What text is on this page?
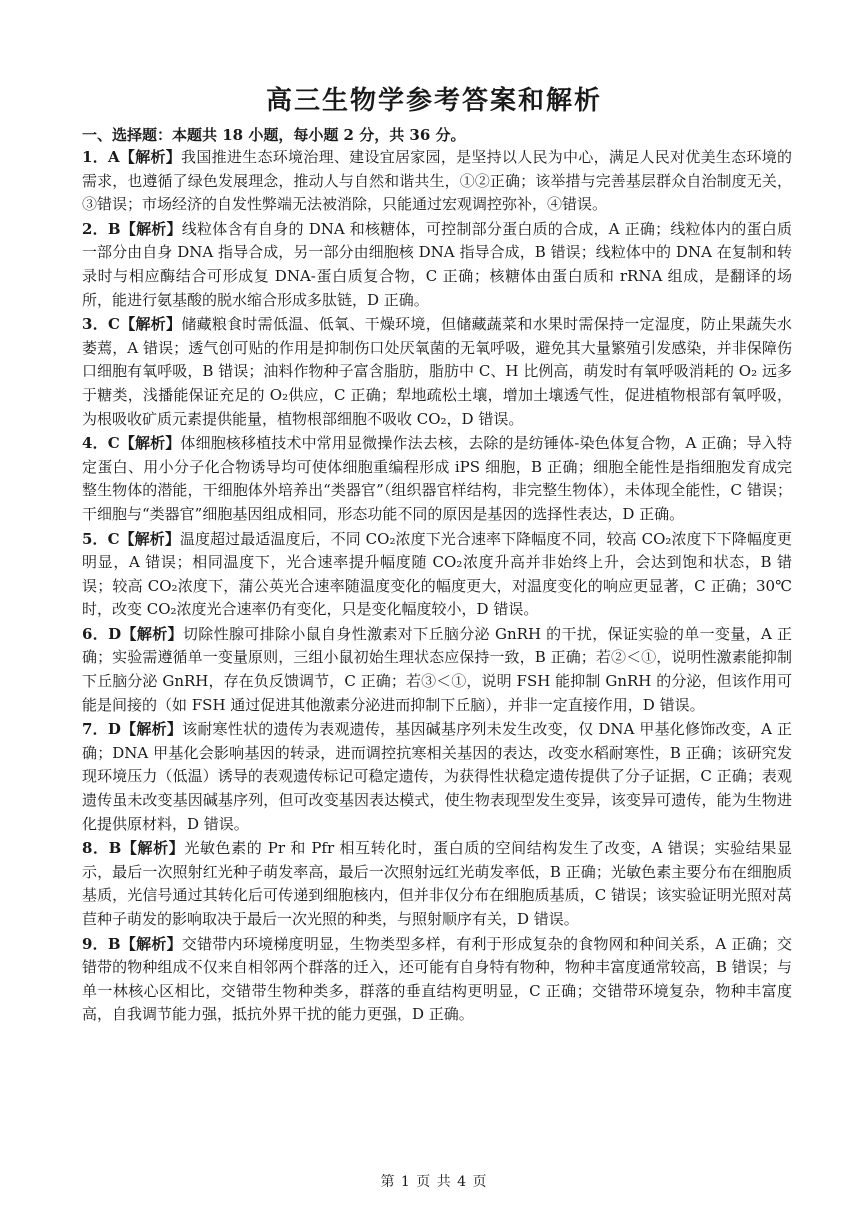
高三生物学参考答案和解析
一、选择题：本题共 18 小题，每小题 2 分，共 36 分。

1．A【解析】我国推进生态环境治理、建设宜居家园，是坚持以人民为中心，满足人民对优美生态环境的需求，也遵循了绿色发展理念，推动人与自然和谐共生，①②正确；该举措与完善基层群众自治制度无关，③错误；市场经济的自发性弊端无法被消除，只能通过宏观调控弥补，④错误。

2．B【解析】线粒体含有自身的 DNA 和核糖体，可控制部分蛋白质的合成，A 正确；线粒体内的蛋白质一部分由自身 DNA 指导合成，另一部分由细胞核 DNA 指导合成，B 错误；线粒体中的 DNA 在复制和转录时与相应酶结合可形成复 DNA-蛋白质复合物，C 正确；核糖体由蛋白质和 rRNA 组成，是翻译的场所，能进行氨基酸的脱水缩合形成多肽链，D 正确。

3．C【解析】储藏粮食时需低温、低氧、干燥环境，但储藏蔬菜和水果时需保持一定湿度，防止果蔬失水萎蔫，A 错误；透气创可贴的作用是抑制伤口处厌氧菌的无氧呼吸，避免其大量繁殖引发感染，并非保障伤口细胞有氧呼吸，B 错误；油料作物种子富含脂肪，脂肪中 C、H 比例高，萌发时有氧呼吸消耗的 O₂ 远多于糖类，浅播能保证充足的 O₂供应，C 正确；犁地疏松土壤，增加土壤透气性，促进植物根部有氧呼吸，为根吸收矿质元素提供能量，植物根部细胞不吸收 CO₂，D 错误。

4．C【解析】体细胞核移植技术中常用显微操作法去核，去除的是纺锤体-染色体复合物，A 正确；导入特定蛋白、用小分子化合物诱导均可使体细胞重编程形成 iPS 细胞，B 正确；细胞全能性是指细胞发育成完整生物体的潜能，干细胞体外培养出“类器官”（组织器官样结构，非完整生物体），未体现全能性，C 错误；干细胞与“类器官”细胞基因组成相同，形态功能不同的原因是基因的选择性表达，D 正确。

5．C【解析】温度超过最适温度后，不同 CO₂浓度下光合速率下降幅度不同，较高 CO₂浓度下下降幅度更明显，A 错误；相同温度下，光合速率提升幅度随 CO₂浓度升高并非始终上升，会达到饱和状态，B 错误；较高 CO₂浓度下，蒲公英光合速率随温度变化的幅度更大，对温度变化的响应更显著，C 正确；30℃时，改变 CO₂浓度光合速率仍有变化，只是变化幅度较小，D 错误。

6．D【解析】切除性腺可排除小鼠自身性激素对下丘脑分泌 GnRH 的干扰，保证实验的单一变量，A 正确；实验需遵循单一变量原则，三组小鼠初始生理状态应保持一致，B 正确；若②＜①，说明性激素能抑制下丘脑分泌 GnRH，存在负反馈调节，C 正确；若③＜①，说明 FSH 能抑制 GnRH 的分泌，但该作用可能是间接的（如 FSH 通过促进其他激素分泌进而抑制下丘脑），并非一定直接作用，D 错误。

7．D【解析】该耐寒性状的遗传为表观遗传，基因碱基序列未发生改变，仅 DNA 甲基化修饰改变，A 正确；DNA 甲基化会影响基因的转录，进而调控抗寒相关基因的表达，改变水稻耐寒性，B 正确；该研究发现环境压力（低温）诱导的表观遗传标记可稳定遗传，为获得性状稳定遗传提供了分子证据，C 正确；表观遗传虽未改变基因碱基序列，但可改变基因表达模式，使生物表现型发生变异，该变异可遗传，能为生物进化提供原材料，D 错误。

8．B【解析】光敏色素的 Pr 和 Pfr 相互转化时，蛋白质的空间结构发生了改变，A 错误；实验结果显示，最后一次照射红光种子萌发率高，最后一次照射远红光萌发率低，B 正确；光敏色素主要分布在细胞质基质，光信号通过其转化后可传递到细胞核内，但并非仅分布在细胞质基质，C 错误；该实验证明光照对莴苣种子萌发的影响取决于最后一次光照的种类，与照射顺序有关，D 错误。

9．B【解析】交错带内环境梯度明显，生物类型多样，有利于形成复杂的食物网和种间关系，A 正确；交错带的物种组成不仅来自相邻两个群落的迁入，还可能有自身特有物种，物种丰富度通常较高，B 错误；与单一林核心区相比，交错带生物种类多，群落的垂直结构更明显，C 正确；交错带环境复杂，物种丰富度高，自我调节能力强，抵抗外界干扰的能力更强，D 正确。

第 1 页 共 4 页
